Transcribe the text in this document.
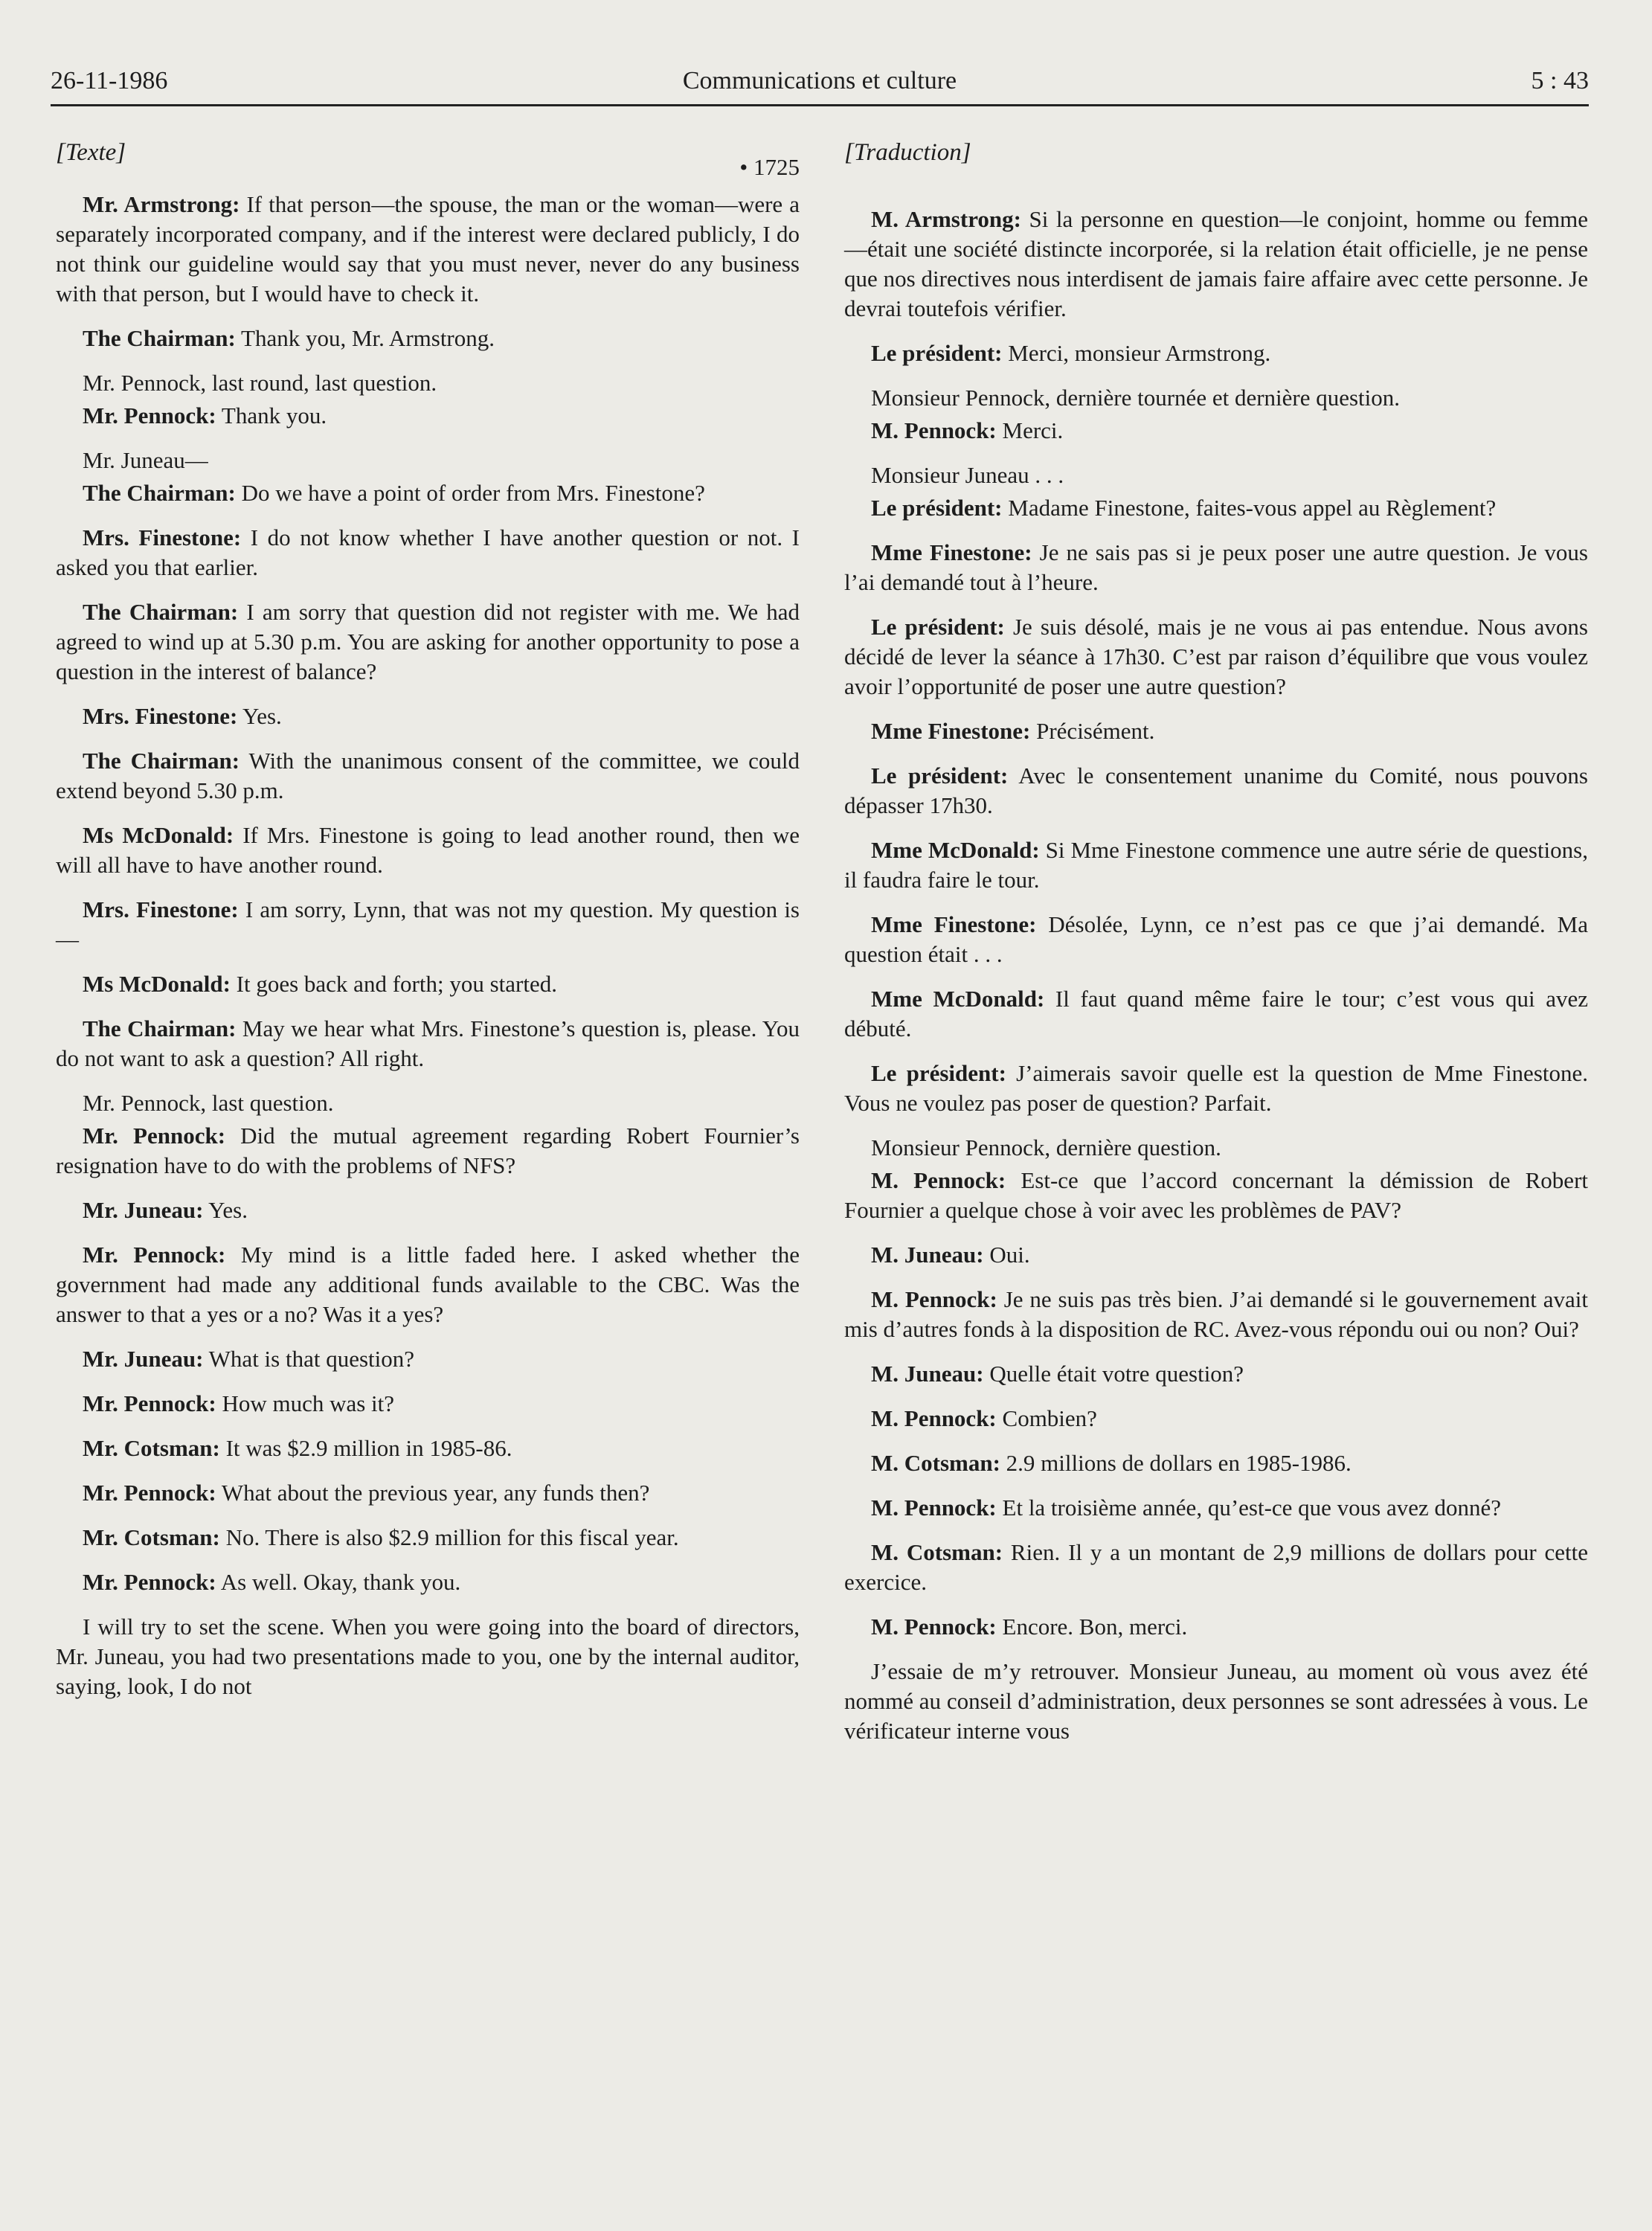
Communications et culture
26-11-1986	5 : 43
[Texte]
• 1725

Mr. Armstrong: If that person—the spouse, the man or the woman—were a separately incorporated company, and if the interest were declared publicly, I do not think our guideline would say that you must never, never do any business with that person, but I would have to check it.

The Chairman: Thank you, Mr. Armstrong.

Mr. Pennock, last round, last question.

Mr. Pennock: Thank you.

Mr. Juneau—

The Chairman: Do we have a point of order from Mrs. Finestone?

Mrs. Finestone: I do not know whether I have another question or not. I asked you that earlier.

The Chairman: I am sorry that question did not register with me. We had agreed to wind up at 5.30 p.m. You are asking for another opportunity to pose a question in the interest of balance?

Mrs. Finestone: Yes.

The Chairman: With the unanimous consent of the committee, we could extend beyond 5.30 p.m.

Ms McDonald: If Mrs. Finestone is going to lead another round, then we will all have to have another round.

Mrs. Finestone: I am sorry, Lynn, that was not my question. My question is—

Ms McDonald: It goes back and forth; you started.

The Chairman: May we hear what Mrs. Finestone’s question is, please. You do not want to ask a question? All right.

Mr. Pennock, last question.

Mr. Pennock: Did the mutual agreement regarding Robert Fournier’s resignation have to do with the problems of NFS?

Mr. Juneau: Yes.

Mr. Pennock: My mind is a little faded here. I asked whether the government had made any additional funds available to the CBC. Was the answer to that a yes or a no? Was it a yes?

Mr. Juneau: What is that question?

Mr. Pennock: How much was it?

Mr. Cotsman: It was $2.9 million in 1985-86.

Mr. Pennock: What about the previous year, any funds then?

Mr. Cotsman: No. There is also $2.9 million for this fiscal year.

Mr. Pennock: As well. Okay, thank you.

I will try to set the scene. When you were going into the board of directors, Mr. Juneau, you had two presentations made to you, one by the internal auditor, saying, look, I do not

[Traduction]

M. Armstrong: Si la personne en question—le conjoint, homme ou femme—était une société distincte incorporée, si la relation était officielle, je ne pense que nos directives nous interdisent de jamais faire affaire avec cette personne. Je devrai toutefois vérifier.

Le président: Merci, monsieur Armstrong.

Monsieur Pennock, dernière tournée et dernière question.

M. Pennock: Merci.

Monsieur Juneau . . .

Le président: Madame Finestone, faites-vous appel au Règlement?

Mme Finestone: Je ne sais pas si je peux poser une autre question. Je vous l’ai demandé tout à l’heure.

Le président: Je suis désolé, mais je ne vous ai pas entendue. Nous avons décidé de lever la séance à 17h30. C’est par raison d’équilibre que vous voulez avoir l’opportunité de poser une autre question?

Mme Finestone: Précisément.

Le président: Avec le consentement unanime du Comité, nous pouvons dépasser 17h30.

Mme McDonald: Si Mme Finestone commence une autre série de questions, il faudra faire le tour.

Mme Finestone: Désolée, Lynn, ce n’est pas ce que j’ai demandé. Ma question était . . .

Mme McDonald: Il faut quand même faire le tour; c’est vous qui avez débuté.

Le président: J’aimerais savoir quelle est la question de Mme Finestone. Vous ne voulez pas poser de question? Parfait.

Monsieur Pennock, dernière question.

M. Pennock: Est-ce que l’accord concernant la démission de Robert Fournier a quelque chose à voir avec les problèmes de PAV?

M. Juneau: Oui.

M. Pennock: Je ne suis pas très bien. J’ai demandé si le gouvernement avait mis d’autres fonds à la disposition de RC. Avez-vous répondu oui ou non? Oui?

M. Juneau: Quelle était votre question?

M. Pennock: Combien?

M. Cotsman: 2.9 millions de dollars en 1985-1986.

M. Pennock: Et la troisième année, qu’est-ce que vous avez donné?

M. Cotsman: Rien. Il y a un montant de 2,9 millions de dollars pour cette exercice.

M. Pennock: Encore. Bon, merci.

J’essaie de m’y retrouver. Monsieur Juneau, au moment où vous avez été nommé au conseil d’administration, deux personnes se sont adressées à vous. Le vérificateur interne vous
